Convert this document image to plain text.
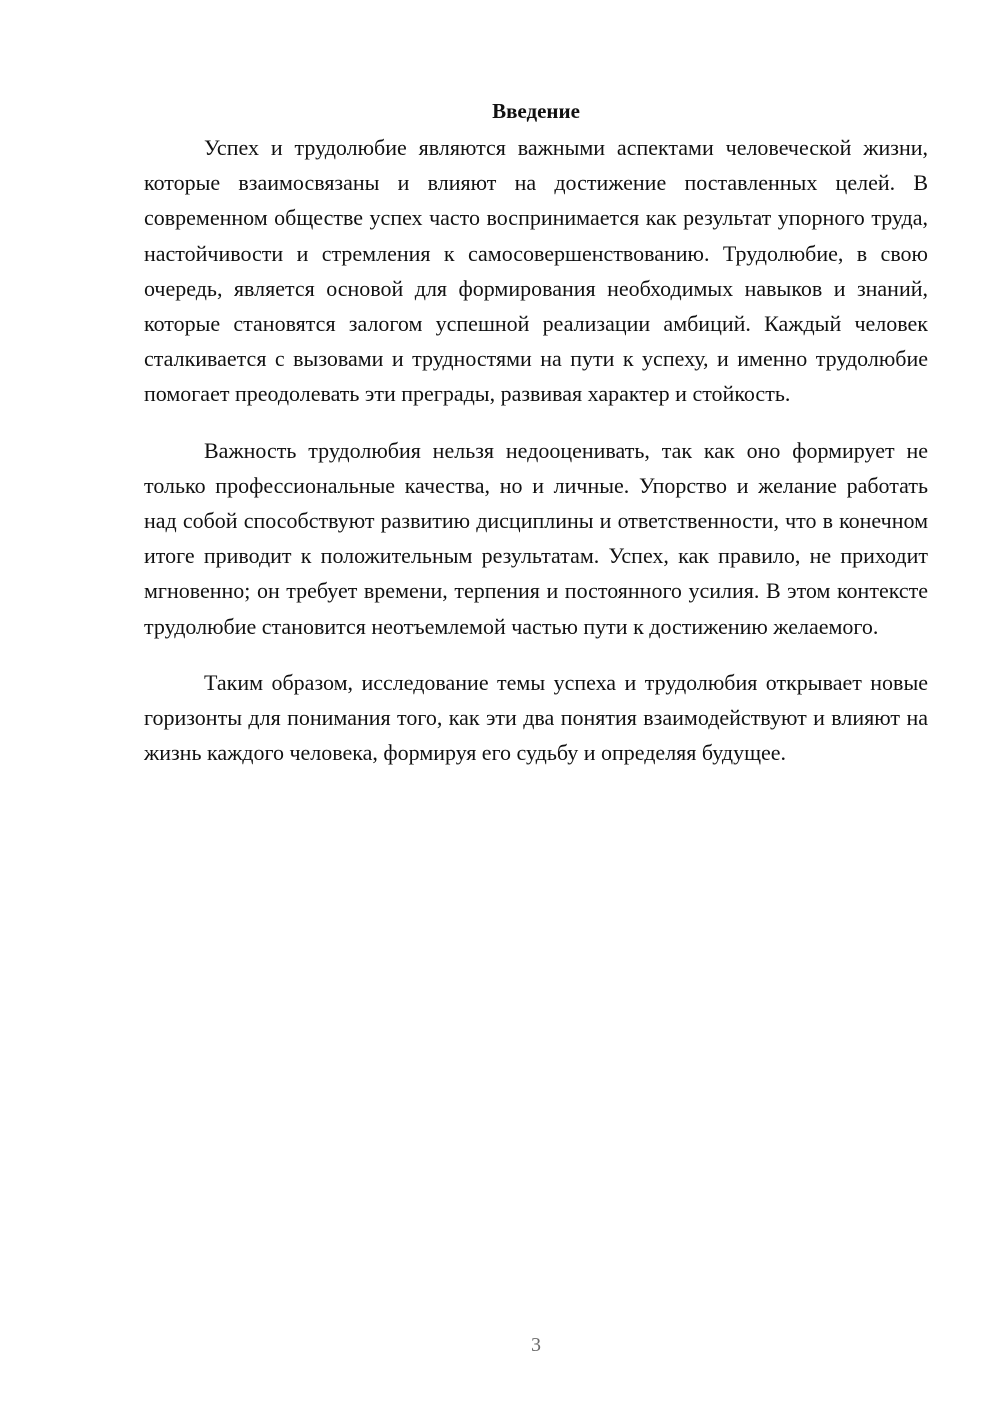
Введение

Успех и трудолюбие являются важными аспектами человеческой жизни, которые взаимосвязаны и влияют на достижение поставленных целей. В современном обществе успех часто воспринимается как результат упорного труда, настойчивости и стремления к самосовершенствованию. Трудолюбие, в свою очередь, является основой для формирования необходимых навыков и знаний, которые становятся залогом успешной реализации амбиций. Каждый человек сталкивается с вызовами и трудностями на пути к успеху, и именно трудолюбие помогает преодолевать эти преграды, развивая характер и стойкость.

Важность трудолюбия нельзя недооценивать, так как оно формирует не только профессиональные качества, но и личные. Упорство и желание работать над собой способствуют развитию дисциплины и ответственности, что в конечном итоге приводит к положительным результатам. Успех, как правило, не приходит мгновенно; он требует времени, терпения и постоянного усилия. В этом контексте трудолюбие становится неотъемлемой частью пути к достижению желаемого.

Таким образом, исследование темы успеха и трудолюбия открывает новые горизонты для понимания того, как эти два понятия взаимодействуют и влияют на жизнь каждого человека, формируя его судьбу и определяя будущее.

3
